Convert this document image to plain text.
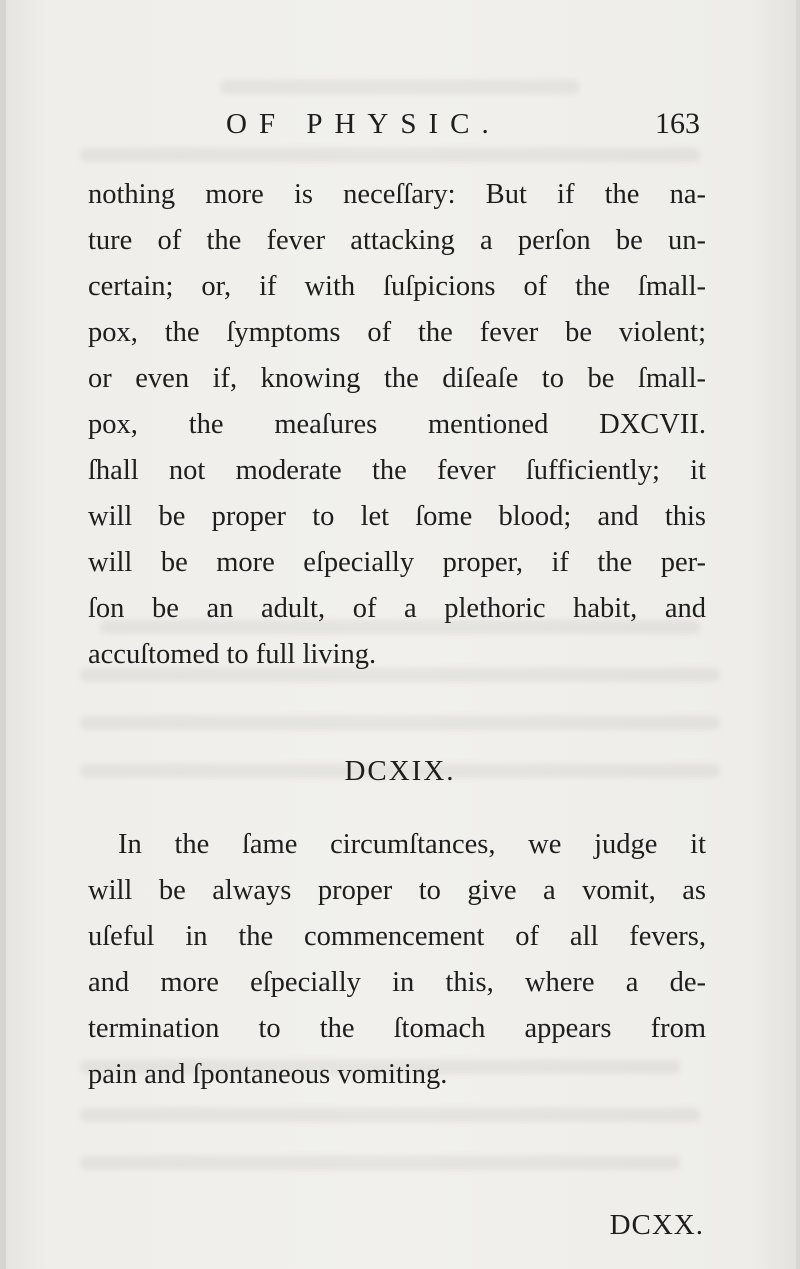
OF PHYSIC.	163
nothing more is neceſſary: But if the na-
ture of the fever attacking a perſon be un-
certain; or, if with ſuſpicions of the ſmall-
pox, the ſymptoms of the fever be violent;
or even if, knowing the diſeaſe to be ſmall-
pox, the meaſures mentioned DXCVII.
ſhall not moderate the fever ſufficiently; it
will be proper to let ſome blood; and this
will be more eſpecially proper, if the per-
ſon be an adult, of a plethoric habit, and
accuſtomed to full living.
DCXIX.
In the ſame circumſtances, we judge it
will be always proper to give a vomit, as
uſeful in the commencement of all fevers,
and more eſpecially in this, where a de-
termination to the ſtomach appears from
pain and ſpontaneous vomiting.
DCXX.
